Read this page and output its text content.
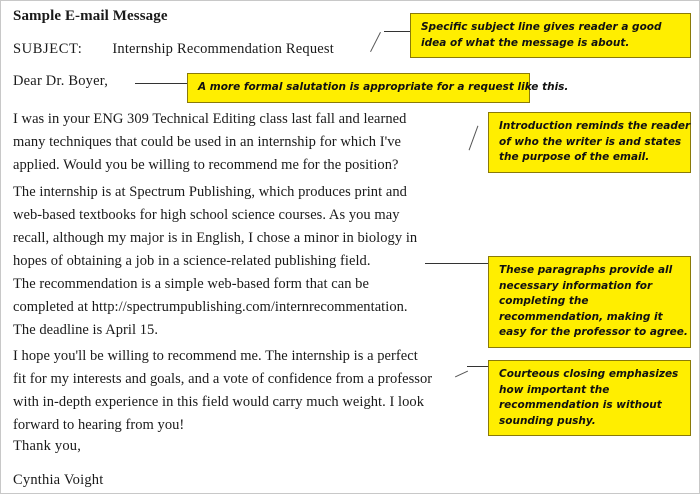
Sample E-mail Message
SUBJECT: Internship Recommendation Request
Dear Dr. Boyer,
I was in your ENG 309 Technical Editing class last fall and learned
many techniques that could be used in an internship for which I've
applied. Would you be willing to recommend me for the position?
The internship is at Spectrum Publishing, which produces print and
web-based textbooks for high school science courses. As you may
recall, although my major is in English, I chose a minor in biology in
hopes of obtaining a job in a science-related publishing field.
The recommendation is a simple web-based form that can be
completed at http://spectrumpublishing.com/internrecommentation.
The deadline is April 15.
I hope you'll be willing to recommend me. The internship is a perfect
fit for my interests and goals, and a vote of confidence from a professor
with in-depth experience in this field would carry much weight. I look
forward to hearing from you!
Thank you,
Cynthia Voight
Specific subject line gives reader a good
idea of what the message is about.
A more formal salutation is appropriate for a request like this.
Introduction reminds the reader
of who the writer is and states
the purpose of the email.
These paragraphs provide all
necessary information for
completing the
recommendation, making it
easy for the professor to agree.
Courteous closing emphasizes
how important the
recommendation is without
sounding pushy.
